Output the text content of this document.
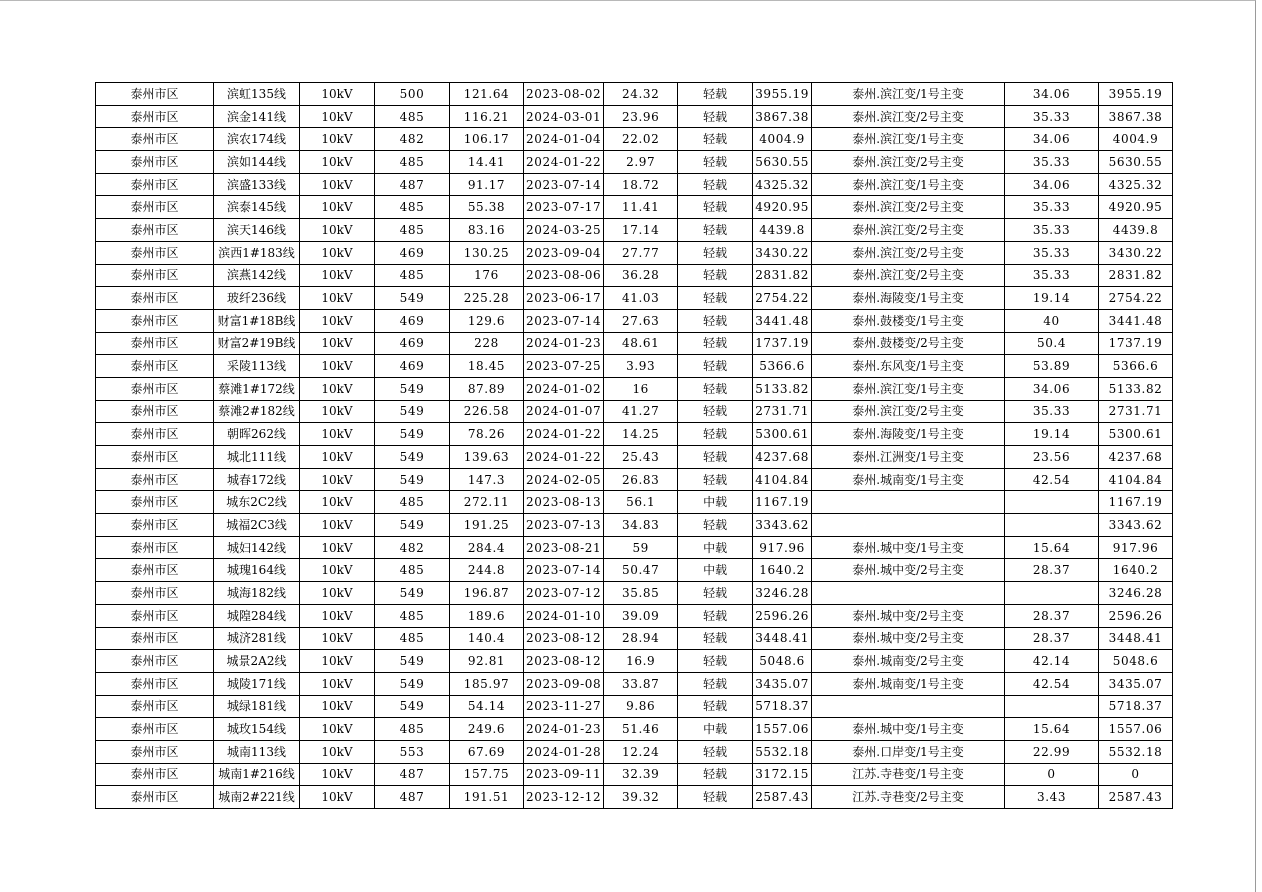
泰州市区	滨虹135线	10kV	500	121.64	2023-08-02	24.32	轻载	3955.19	泰州.滨江变/1号主变	34.06	3955.19
泰州市区	滨金141线	10kV	485	116.21	2024-03-01	23.96	轻载	3867.38	泰州.滨江变/2号主变	35.33	3867.38
泰州市区	滨农174线	10kV	482	106.17	2024-01-04	22.02	轻载	4004.9	泰州.滨江变/1号主变	34.06	4004.9
泰州市区	滨如144线	10kV	485	14.41	2024-01-22	2.97	轻载	5630.55	泰州.滨江变/2号主变	35.33	5630.55
泰州市区	滨盛133线	10kV	487	91.17	2023-07-14	18.72	轻载	4325.32	泰州.滨江变/1号主变	34.06	4325.32
泰州市区	滨泰145线	10kV	485	55.38	2023-07-17	11.41	轻载	4920.95	泰州.滨江变/2号主变	35.33	4920.95
泰州市区	滨天146线	10kV	485	83.16	2024-03-25	17.14	轻载	4439.8	泰州.滨江变/2号主变	35.33	4439.8
泰州市区	滨西1#183线	10kV	469	130.25	2023-09-04	27.77	轻载	3430.22	泰州.滨江变/2号主变	35.33	3430.22
泰州市区	滨燕142线	10kV	485	176	2023-08-06	36.28	轻载	2831.82	泰州.滨江变/2号主变	35.33	2831.82
泰州市区	玻纤236线	10kV	549	225.28	2023-06-17	41.03	轻载	2754.22	泰州.海陵变/1号主变	19.14	2754.22
泰州市区	财富1#18B线	10kV	469	129.6	2023-07-14	27.63	轻载	3441.48	泰州.鼓楼变/1号主变	40	3441.48
泰州市区	财富2#19B线	10kV	469	228	2024-01-23	48.61	轻载	1737.19	泰州.鼓楼变/2号主变	50.4	1737.19
泰州市区	采陵113线	10kV	469	18.45	2023-07-25	3.93	轻载	5366.6	泰州.东风变/1号主变	53.89	5366.6
泰州市区	蔡滩1#172线	10kV	549	87.89	2024-01-02	16	轻载	5133.82	泰州.滨江变/1号主变	34.06	5133.82
泰州市区	蔡滩2#182线	10kV	549	226.58	2024-01-07	41.27	轻载	2731.71	泰州.滨江变/2号主变	35.33	2731.71
泰州市区	朝晖262线	10kV	549	78.26	2024-01-22	14.25	轻载	5300.61	泰州.海陵变/1号主变	19.14	5300.61
泰州市区	城北111线	10kV	549	139.63	2024-01-22	25.43	轻载	4237.68	泰州.江洲变/1号主变	23.56	4237.68
泰州市区	城春172线	10kV	549	147.3	2024-02-05	26.83	轻载	4104.84	泰州.城南变/1号主变	42.54	4104.84
泰州市区	城东2C2线	10kV	485	272.11	2023-08-13	56.1	中载	1167.19			1167.19
泰州市区	城福2C3线	10kV	549	191.25	2023-07-13	34.83	轻载	3343.62			3343.62
泰州市区	城妇142线	10kV	482	284.4	2023-08-21	59	中载	917.96	泰州.城中变/1号主变	15.64	917.96
泰州市区	城瑰164线	10kV	485	244.8	2023-07-14	50.47	中载	1640.2	泰州.城中变/2号主变	28.37	1640.2
泰州市区	城海182线	10kV	549	196.87	2023-07-12	35.85	轻载	3246.28			3246.28
泰州市区	城隍284线	10kV	485	189.6	2024-01-10	39.09	轻载	2596.26	泰州.城中变/2号主变	28.37	2596.26
泰州市区	城济281线	10kV	485	140.4	2023-08-12	28.94	轻载	3448.41	泰州.城中变/2号主变	28.37	3448.41
泰州市区	城景2A2线	10kV	549	92.81	2023-08-12	16.9	轻载	5048.6	泰州.城南变/2号主变	42.14	5048.6
泰州市区	城陵171线	10kV	549	185.97	2023-09-08	33.87	轻载	3435.07	泰州.城南变/1号主变	42.54	3435.07
泰州市区	城绿181线	10kV	549	54.14	2023-11-27	9.86	轻载	5718.37			5718.37
泰州市区	城玫154线	10kV	485	249.6	2024-01-23	51.46	中载	1557.06	泰州.城中变/1号主变	15.64	1557.06
泰州市区	城南113线	10kV	553	67.69	2024-01-28	12.24	轻载	5532.18	泰州.口岸变/1号主变	22.99	5532.18
泰州市区	城南1#216线	10kV	487	157.75	2023-09-11	32.39	轻载	3172.15	江苏.寺巷变/1号主变	0	0
泰州市区	城南2#221线	10kV	487	191.51	2023-12-12	39.32	轻载	2587.43	江苏.寺巷变/2号主变	3.43	2587.43
